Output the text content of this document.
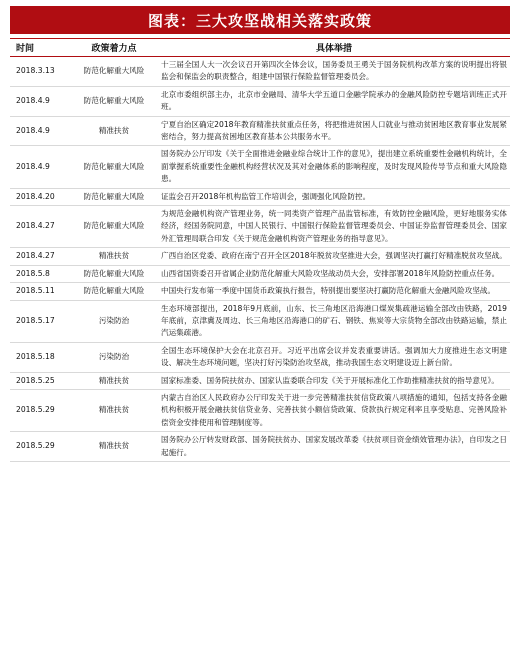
图表：三大攻坚战相关落实政策
时间	政策着力点	具体举措
2018.3.13	防范化解重大风险	十三届全国人大一次会议召开第四次全体会议，国务委员王勇关于国务院机构改革方案的说明提出将银监会和保监会的职责整合，组建中国银行保险监督管理委员会。
2018.4.9	防范化解重大风险	北京市委组织部主办，北京市金融局、清华大学五道口金融学院承办的金融风险防控专题培训班正式开班。
2018.4.9	精准扶贫	宁夏自治区确定2018年教育精准扶贫重点任务，将把推进贫困人口就业与推动贫困地区教育事业发展紧密结合，努力提高贫困地区教育基本公共服务水平。
2018.4.9	防范化解重大风险	国务院办公厅印发《关于全面推进金融业综合统计工作的意见》，提出建立系统重要性金融机构统计，全面掌握系统重要性金融机构经营状况及其对金融体系的影响程度，及时发现风险传导节点和重大风险隐患。
2018.4.20	防范化解重大风险	证监会召开2018年机构监管工作培训会，强调强化风险防控。
2018.4.27	防范化解重大风险	为规范金融机构资产管理业务，统一同类资产管理产品监管标准，有效防控金融风险，更好地服务实体经济，经国务院同意，中国人民银行、中国银行保险监督管理委员会、中国证券监督管理委员会、国家外汇管理局联合印发《关于规范金融机构资产管理业务的指导意见》。
2018.4.27	精准扶贫	广西自治区党委、政府在南宁召开全区2018年脱贫攻坚推进大会，强调坚决打赢打好精准脱贫攻坚战。
2018.5.8	防范化解重大风险	山西省国资委召开省属企业防范化解重大风险攻坚战动员大会，安排部署2018年风险防控重点任务。
2018.5.11	防范化解重大风险	中国央行发布第一季度中国货币政策执行报告，特别提出要坚决打赢防范化解重大金融风险攻坚战。
2018.5.17	污染防治	生态环境部提出，2018年9月底前，山东、长三角地区沿海港口煤炭集疏港运输全部改由铁路，2019年底前，京津冀及周边、长三角地区沿海港口的矿石、钢铁、焦炭等大宗货物全部改由铁路运输，禁止汽运集疏港。
2018.5.18	污染防治	全国生态环境保护大会在北京召开。习近平出席会议并发表重要讲话。强调加大力度推进生态文明建设、解决生态环境问题，坚决打好污染防治攻坚战，推动我国生态文明建设迈上新台阶。
2018.5.25	精准扶贫	国家标准委、国务院扶贫办、国家认监委联合印发《关于开展标准化工作助推精准扶贫的指导意见》。
2018.5.29	精准扶贫	内蒙古自治区人民政府办公厅印发关于进一步完善精准扶贫信贷政策八项措施的通知，包括支持各金融机构积极开展金融扶贫信贷业务、完善扶贫小额信贷政策、贷款执行规定利率且享受贴息、完善风险补偿资金安排使用和管理制度等。
2018.5.29	精准扶贫	国务院办公厅转发财政部、国务院扶贫办、国家发展改革委《扶贫项目资金绩效管理办法》，自印发之日起施行。
